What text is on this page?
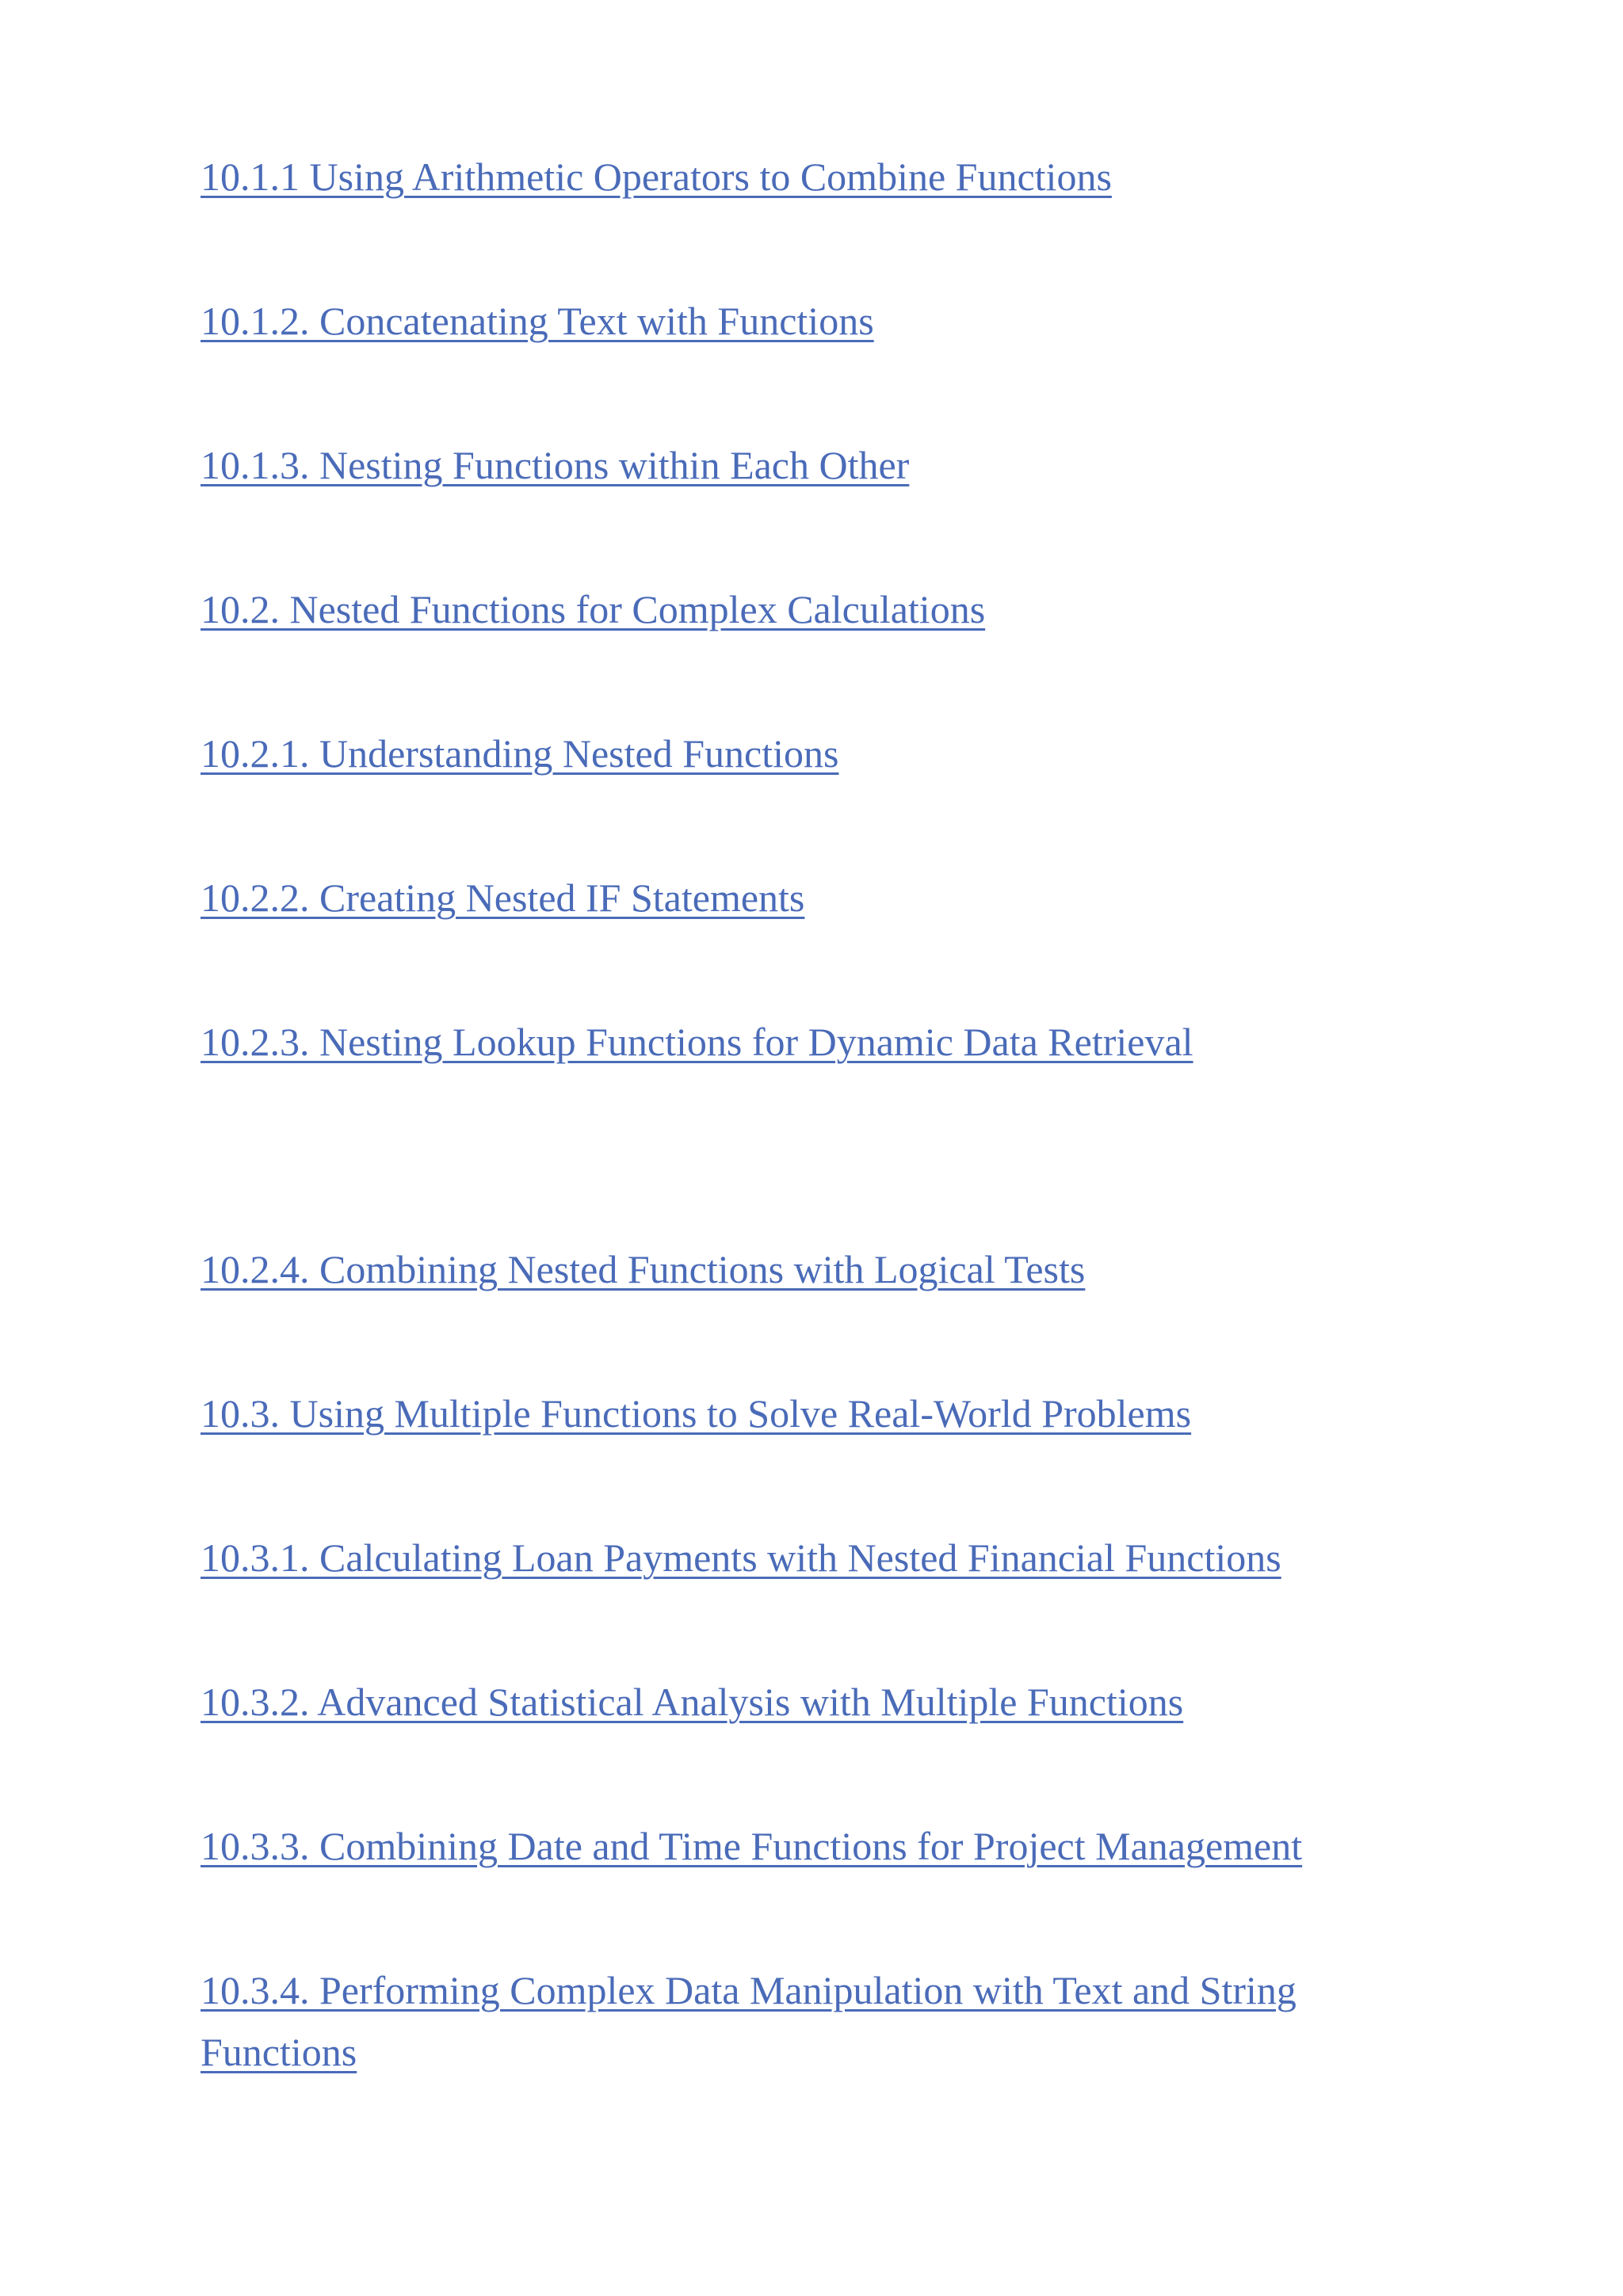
10.1.1 Using Arithmetic Operators to Combine Functions
10.1.2. Concatenating Text with Functions
10.1.3. Nesting Functions within Each Other
10.2. Nested Functions for Complex Calculations
10.2.1. Understanding Nested Functions
10.2.2. Creating Nested IF Statements
10.2.3. Nesting Lookup Functions for Dynamic Data Retrieval
10.2.4. Combining Nested Functions with Logical Tests
10.3. Using Multiple Functions to Solve Real-World Problems
10.3.1. Calculating Loan Payments with Nested Financial Functions
10.3.2. Advanced Statistical Analysis with Multiple Functions
10.3.3. Combining Date and Time Functions for Project Management
10.3.4. Performing Complex Data Manipulation with Text and String Functions
